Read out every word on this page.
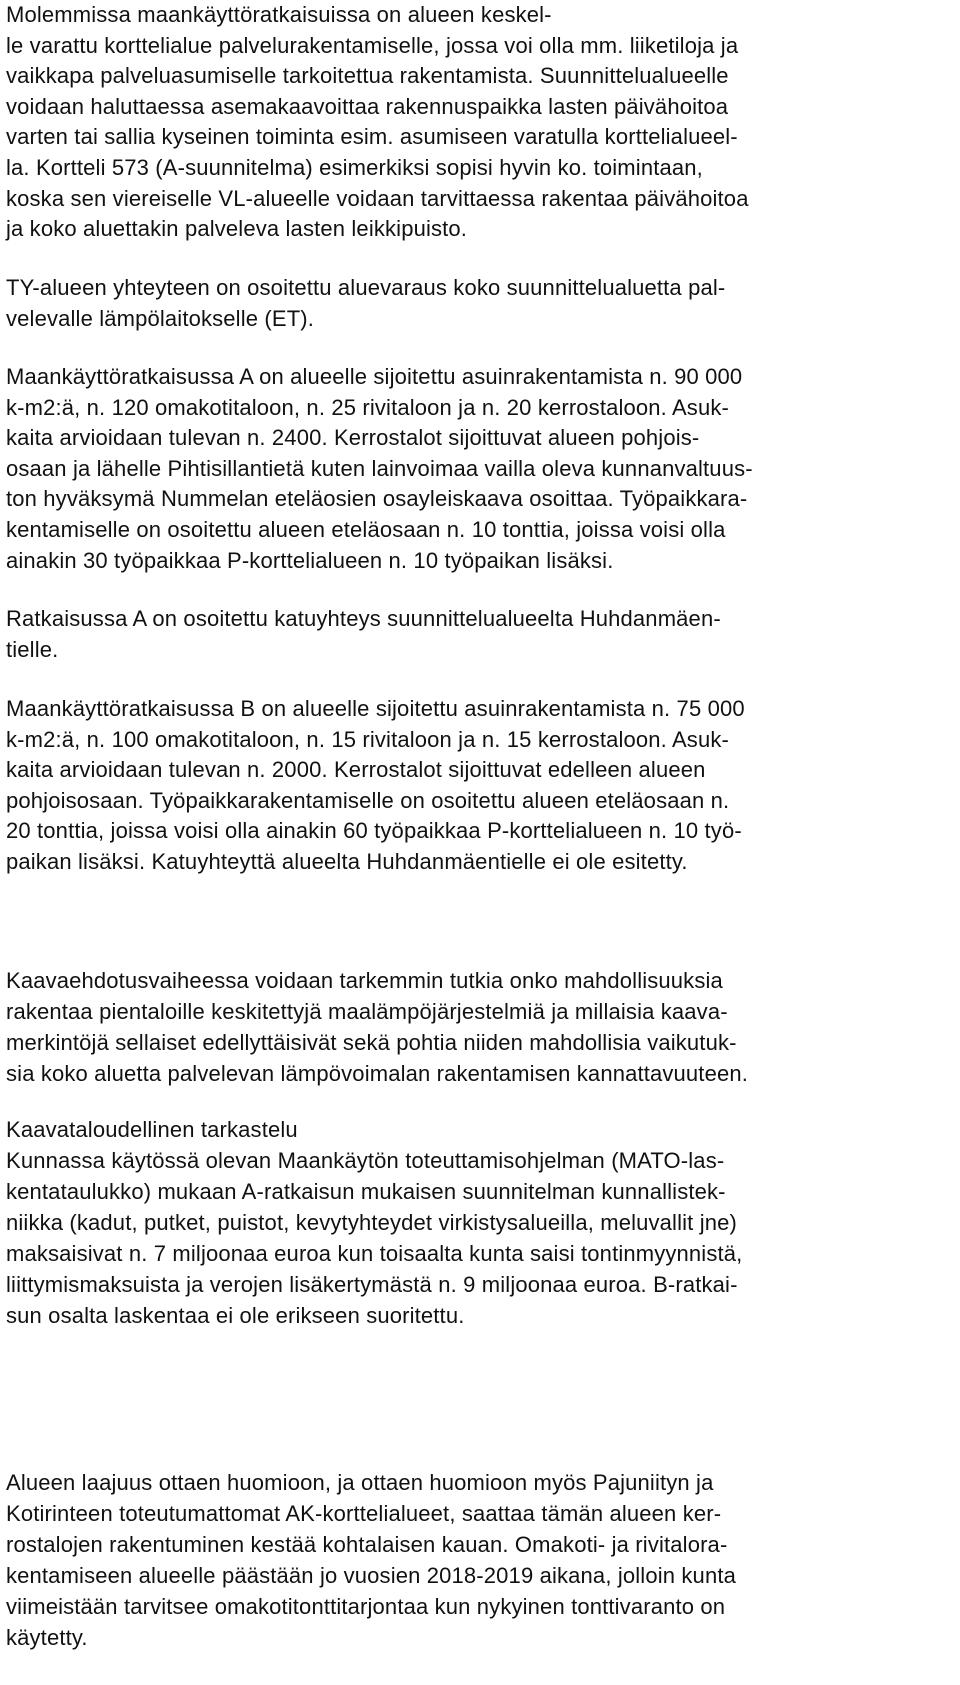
Molemmissa maankäyttöratkaisuissa on alueen keskel-
le varattu korttelialue palvelurakentamiselle, jossa voi olla mm. liiketiloja ja
vaikkapa palveluasumiselle tarkoitettua rakentamista. Suunnittelualueelle
voidaan haluttaessa asemakaavoittaa rakennuspaikka lasten päivähoitoa
varten tai sallia kyseinen toiminta esim. asumiseen varatulla korttelialueel-
la. Kortteli 573 (A-suunnitelma) esimerkiksi sopisi hyvin ko. toimintaan,
koska sen viereiselle VL-alueelle voidaan tarvittaessa rakentaa päivähoitoa
ja koko aluettakin palveleva lasten leikkipuisto.
TY-alueen yhteyteen on osoitettu aluevaraus koko suunnittelualuetta pal-
velevalle lämpölaitokselle (ET).
Maankäyttöratkaisussa A on alueelle sijoitettu asuinrakentamista n. 90 000
k-m2:ä, n. 120 omakotitaloon, n. 25 rivitaloon ja n. 20 kerrostaloon. Asuk-
kaita arvioidaan tulevan n. 2400. Kerrostalot sijoittuvat alueen pohjois-
osaan ja lähelle Pihtisillantietä kuten lainvoimaa vailla oleva kunnanvaltuus-
ton hyväksymä Nummelan eteläosien osayleiskaava osoittaa. Työpaikkara-
kentamiselle on osoitettu alueen eteläosaan n. 10 tonttia, joissa voisi olla
ainakin 30 työpaikkaa P-korttelialueen n. 10 työpaikan lisäksi.
Ratkaisussa A on osoitettu katuyhteys suunnittelualueelta Huhdanmäen-
tielle.
Maankäyttöratkaisussa B on alueelle sijoitettu asuinrakentamista n. 75 000
k-m2:ä, n. 100 omakotitaloon, n. 15 rivitaloon ja n. 15 kerrostaloon. Asuk-
kaita arvioidaan tulevan n. 2000. Kerrostalot sijoittuvat edelleen alueen
pohjoisosaan. Työpaikkarakentamiselle on osoitettu alueen eteläosaan n.
20 tonttia, joissa voisi olla ainakin 60 työpaikkaa P-korttelialueen n. 10 työ-
paikan lisäksi. Katuyhteyttä alueelta Huhdanmäentielle ei ole esitetty.
Kaavaehdotusvaiheessa voidaan tarkemmin tutkia onko mahdollisuuksia
rakentaa pientaloille keskitettyjä maalämpöjärjestelmiä ja millaisia kaava-
merkintöjä sellaiset edellyttäisivät sekä pohtia niiden mahdollisia vaikutuk-
sia koko aluetta palvelevan lämpövoimalan rakentamisen kannattavuuteen.
Kaavataloudellinen tarkastelu
Kunnassa käytössä olevan Maankäytön toteuttamisohjelman (MATO-las-
kentataulukko) mukaan A-ratkaisun mukaisen suunnitelman kunnallistek-
niikka (kadut, putket, puistot, kevytyhteydet virkistysalueilla, meluvallit jne)
maksaisivat n. 7 miljoonaa euroa kun toisaalta kunta saisi tontinmyynnistä,
liittymismaksuista ja verojen lisäkertymästä n. 9 miljoonaa euroa. B-ratkai-
sun osalta laskentaa ei ole erikseen suoritettu.
Alueen laajuus ottaen huomioon, ja ottaen huomioon myös Pajuniityn ja
Kotirinteen toteutumattomat AK-korttelialueet, saattaa tämän alueen ker-
rostalojen rakentuminen kestää kohtalaisen kauan. Omakoti- ja rivitalora-
kentamiseen alueelle päästään jo vuosien 2018-2019 aikana, jolloin kunta
viimeistään tarvitsee omakotitonttitarjontaa kun nykyinen tonttivaranto on
käytetty.
